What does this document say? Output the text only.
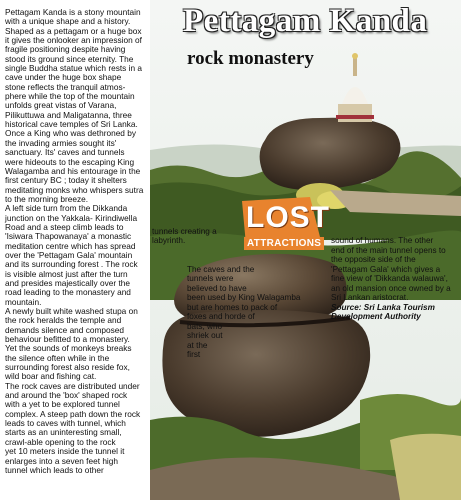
Pettagam Kanda
rock monastery
Pettagam Kanda is a stony mountain
with a unique shape and a history.
Shaped as a pettagam or a huge box
it gives the onlooker an impression of
fragile positioning despite having
stood its ground since eternity. The
single Buddha statue which rests in a
cave under the huge box shape
stone reflects the tranquil atmos-
phere while the top of the mountain
unfolds great vistas of Varana,
Pilikuttuwa and Maligatanna, three
historical cave temples of Sri Lanka.
Once a King who was dethroned by
the invading armies sought its'
sanctuary. Its' caves and tunnels
were hideouts to the escaping King
Walagamba and his entourage in the
first century BC ; today it shelters
meditating monks who whispers sutra
to the morning breeze.
A left side turn from the Dikkanda
junction on the Yakkala- Kirindiwella
Road and a steep climb leads to
'Isiwara Thapowanaya' a monastic
meditation centre which has spread
over the 'Pettagam Gala' mountain
and its surrounding forest . The rock
is visible almost just after the turn
and presides majestically over the
road leading to the monastery and
mountain.
A newly built white washed stupa on
the rock heralds the temple and
demands silence and composed
behaviour befitted to a monastery.
Yet the sounds of monkeys breaks
the silence often while in the
surrounding forest also reside fox,
wild boar and fishing cat.
The rock caves are distributed under
and around the 'box' shaped rock
with a yet to be explored tunnel
complex. A steep path down the rock
leads to caves with tunnel, which
starts as an uninteresting small,
crawl-able opening to the rock
yet 10 meters inside the tunnel it
enlarges into a seven feet high
tunnel which leads to other
LOST
ATTRACTIONS
tunnels creating a
labyrinth.
The caves and the
tunnels were
believed to have
been used by King Walagamba
but are homes to pack of
foxes and horde of
bats, who
shriek out
at the
first

sound of humans. The other
end of the main tunnel opens to
the opposite side of the
'Pettagam Gala' which gives a
fine view of 'Dikkanda walauwa',
an old mansion once owned by a
Sri Lankan aristocrat.
Source: Sri Lanka Tourism
Development Authority
